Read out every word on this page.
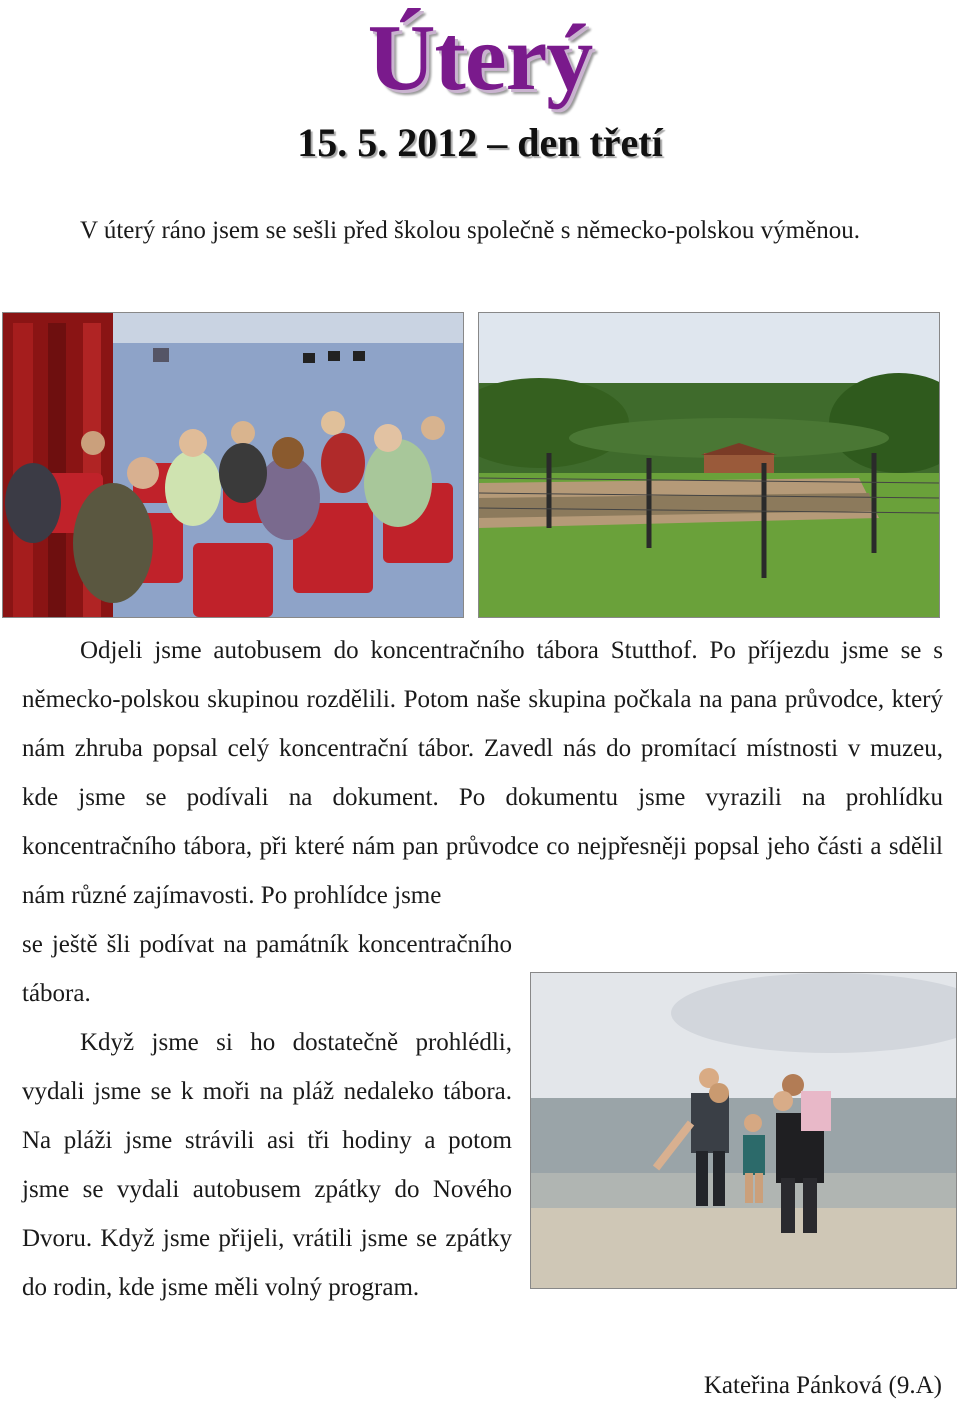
Úterý
15. 5. 2012 – den třetí

V úterý ráno jsem se sešli před školou společně s německo-polskou výměnou.

Odjeli jsme autobusem do koncentračního tábora Stutthof. Po příjezdu jsme se s německo-polskou skupinou rozdělili. Potom naše skupina počkala na pana průvodce, který nám zhruba popsal celý koncentrační tábor. Zavedl nás do promítací místnosti v muzeu, kde jsme se podívali na dokument. Po dokumentu jsme vyrazili na prohlídku koncentračního tábora, při které nám pan průvodce co nejpřesněji popsal jeho části a sdělil nám různé zajímavosti. Po prohlídce jsme

se ještě šli podívat na památník koncentračního tábora.

Když jsme si ho dostatečně prohlédli, vydali jsme se k moři na pláž nedaleko tábora. Na pláži jsme strávili asi tři hodiny a potom jsme se vydali autobusem zpátky do Nového Dvoru. Když jsme přijeli, vrátili jsme se zpátky do rodin, kde jsme měli volný program.

Kateřina Pánková (9.A)
